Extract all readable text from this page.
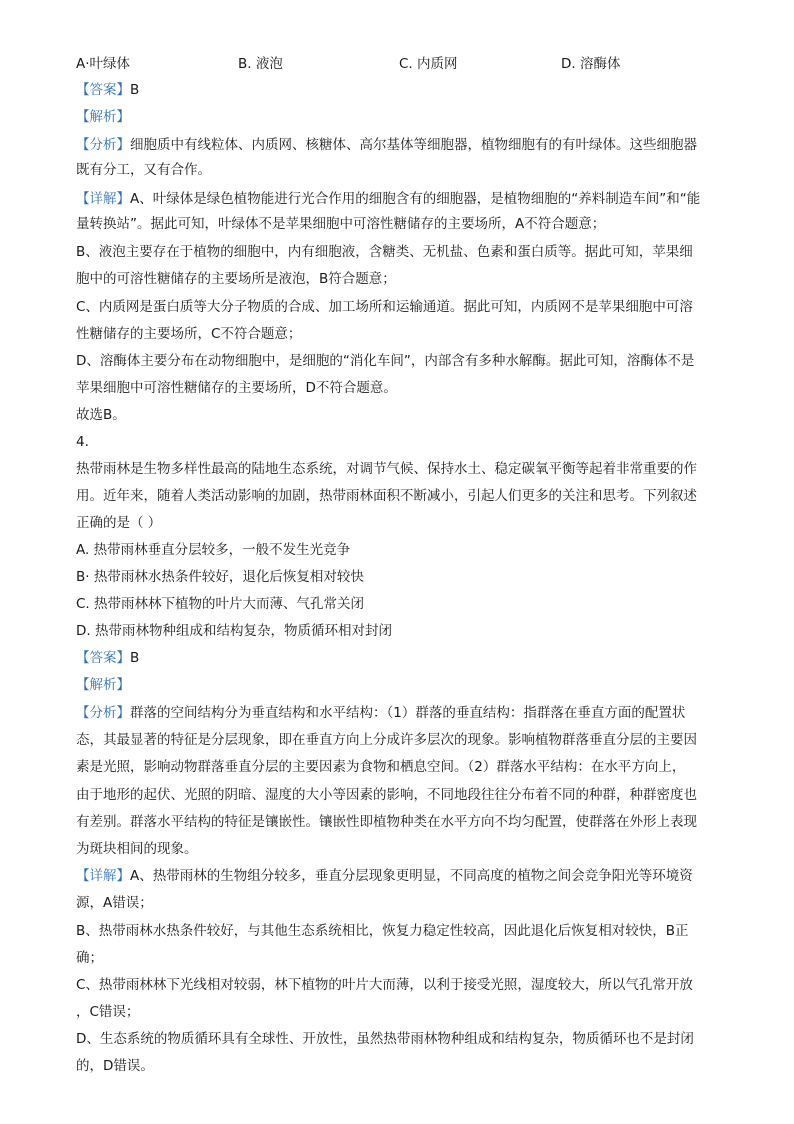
A·叶绿体	B. 液泡	C. 内质网	D. 溶酶体
【答案】B
【解析】
【分析】细胞质中有线粒体、内质网、核糖体、高尔基体等细胞器，植物细胞有的有叶绿体。这些细胞器
既有分工，又有合作。
【详解】A、叶绿体是绿色植物能进行光合作用的细胞含有的细胞器，是植物细胞的“养料制造车间”和“能
量转换站”。据此可知，叶绿体不是苹果细胞中可溶性糖储存的主要场所，A不符合题意；
B、液泡主要存在于植物的细胞中，内有细胞液，含糖类、无机盐、色素和蛋白质等。据此可知，苹果细
胞中的可溶性糖储存的主要场所是液泡，B符合题意；
C、内质网是蛋白质等大分子物质的合成、加工场所和运输通道。据此可知，内质网不是苹果细胞中可溶
性糖储存的主要场所，C不符合题意；
D、溶酶体主要分布在动物细胞中，是细胞的“消化车间”，内部含有多种水解酶。据此可知，溶酶体不是
苹果细胞中可溶性糖储存的主要场所，D不符合题意。
故选B。
4.
热带雨林是生物多样性最高的陆地生态系统，对调节气候、保持水土、稳定碳氧平衡等起着非常重要的作
用。近年来，随着人类活动影响的加剧，热带雨林面积不断减小，引起人们更多的关注和思考。下列叙述
正确的是（ ）
A. 热带雨林垂直分层较多，一般不发生光竞争
B· 热带雨林水热条件较好，退化后恢复相对较快
C. 热带雨林林下植物的叶片大而薄、气孔常关闭
D. 热带雨林物种组成和结构复杂，物质循环相对封闭
【答案】B
【解析】
【分析】群落的空间结构分为垂直结构和水平结构：（1）群落的垂直结构：指群落在垂直方面的配置状
态，其最显著的特征是分层现象，即在垂直方向上分成许多层次的现象。影响植物群落垂直分层的主要因
素是光照，影响动物群落垂直分层的主要因素为食物和栖息空间。（2）群落水平结构：在水平方向上，
由于地形的起伏、光照的阴暗、湿度的大小等因素的影响，不同地段往往分布着不同的种群，种群密度也
有差别。群落水平结构的特征是镶嵌性。镶嵌性即植物种类在水平方向不均匀配置，使群落在外形上表现
为斑块相间的现象。
【详解】A、热带雨林的生物组分较多，垂直分层现象更明显，不同高度的植物之间会竞争阳光等环境资
源，A错误；
B、热带雨林水热条件较好，与其他生态系统相比，恢复力稳定性较高，因此退化后恢复相对较快，B正
确；
C、热带雨林林下光线相对较弱，林下植物的叶片大而薄，以利于接受光照，湿度较大，所以气孔常开放
，C错误；
D、生态系统的物质循环具有全球性、开放性，虽然热带雨林物种组成和结构复杂，物质循环也不是封闭
的，D错误。
